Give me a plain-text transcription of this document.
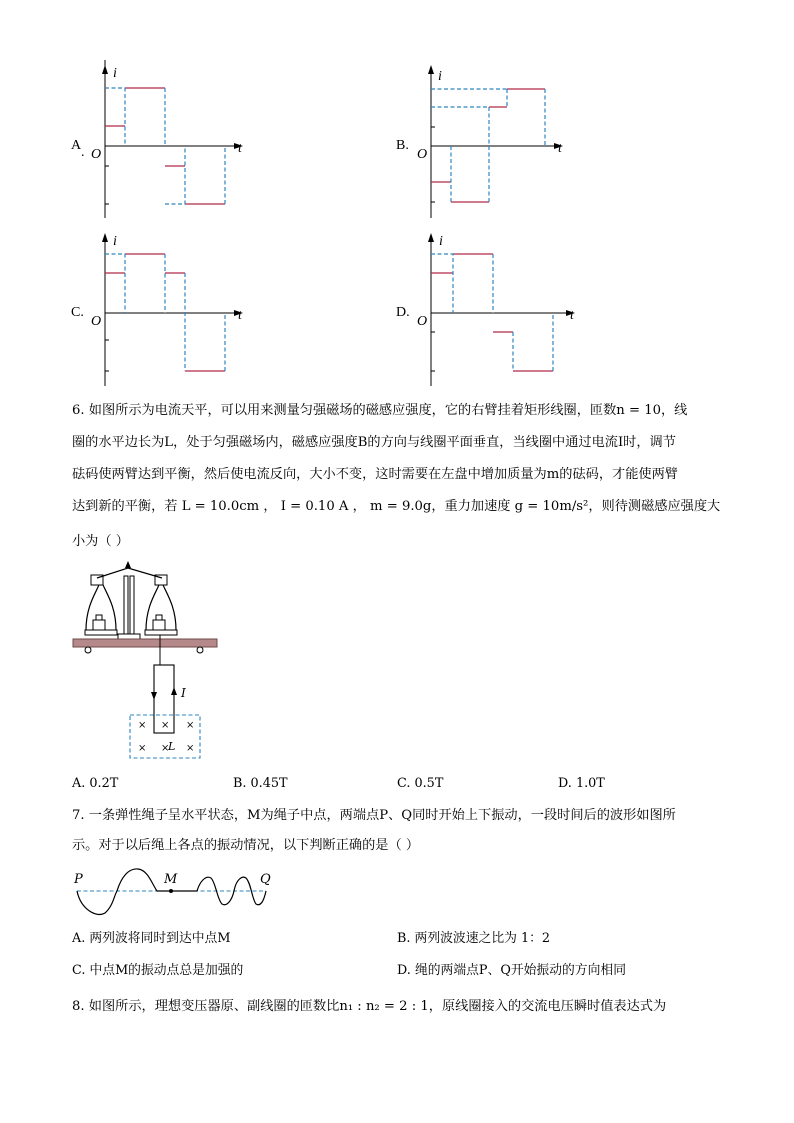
i
t
O
A .
i
t
O
B.
i
t
O
C.
i
t
O
D.
6. 如图所示为电流天平，可以用来测量匀强磁场的磁感应强度，它的右臂挂着矩形线圈，匝数n = 10，线
圈的水平边长为L，处于匀强磁场内，磁感应强度B的方向与线圈平面垂直，当线圈中通过电流I时，调节
砝码使两臂达到平衡，然后使电流反向，大小不变，这时需要在左盘中增加质量为m的砝码，才能使两臂
达到新的平衡，若 L = 10.0cm ， I = 0.10 A ， m = 9.0g，重力加速度 g = 10m/s²，则待测磁感应强度大
小为（ ）
I
× × ×
× × ×
L
A. 0.2T	B. 0.45T	C. 0.5T	D. 1.0T
7. 一条弹性绳子呈水平状态，M为绳子中点，两端点P、Q同时开始上下振动，一段时间后的波形如图所
示。对于以后绳上各点的振动情况，以下判断正确的是（ ）
P	M	Q
A. 两列波将同时到达中点M	B. 两列波波速之比为 1：2
C. 中点M的振动点总是加强的	D. 绳的两端点P、Q开始振动的方向相同
8. 如图所示，理想变压器原、副线圈的匝数比n₁ : n₂ = 2 : 1，原线圈接入的交流电压瞬时值表达式为
